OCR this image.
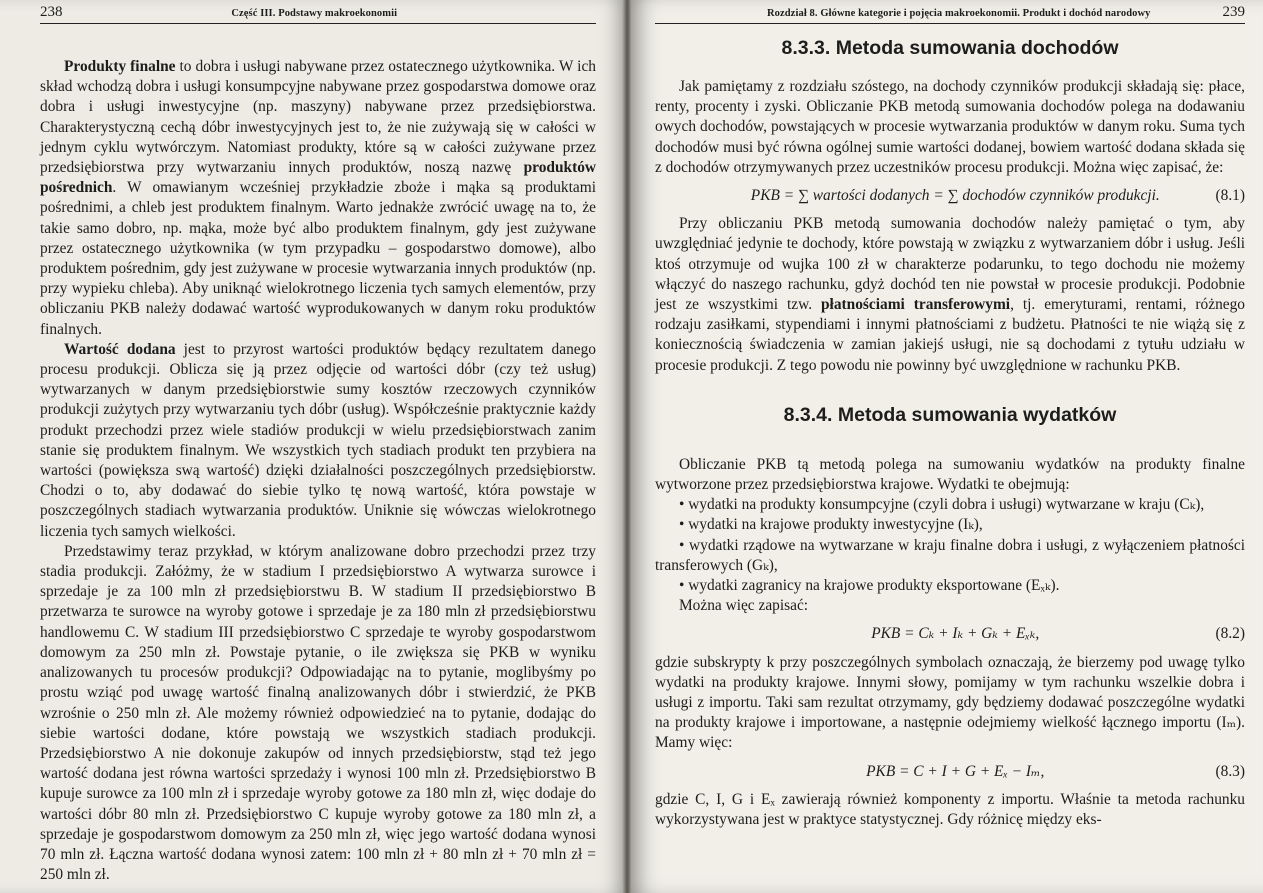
238	Część III. Podstawy makroekonomii

Produkty finalne to dobra i usługi nabywane przez ostatecznego użytkownika. W ich skład wchodzą dobra i usługi konsumpcyjne nabywane przez gospodarstwa domowe oraz dobra i usługi inwestycyjne (np. maszyny) nabywane przez przedsiębiorstwa. Charakterystyczną cechą dóbr inwestycyjnych jest to, że nie zużywają się w całości w jednym cyklu wytwórczym. Natomiast produkty, które są w całości zużywane przez przedsiębiorstwa przy wytwarzaniu innych produktów, noszą nazwę produktów pośrednich. W omawianym wcześniej przykładzie zboże i mąka są produktami pośrednimi, a chleb jest produktem finalnym. Warto jednakże zwrócić uwagę na to, że takie samo dobro, np. mąka, może być albo produktem finalnym, gdy jest zużywane przez ostatecznego użytkownika (w tym przypadku – gospodarstwo domowe), albo produktem pośrednim, gdy jest zużywane w procesie wytwarzania innych produktów (np. przy wypieku chleba). Aby uniknąć wielokrotnego liczenia tych samych elementów, przy obliczaniu PKB należy dodawać wartość wyprodukowanych w danym roku produktów finalnych.

Wartość dodana jest to przyrost wartości produktów będący rezultatem danego procesu produkcji. Oblicza się ją przez odjęcie od wartości dóbr (czy też usług) wytwarzanych w danym przedsiębiorstwie sumy kosztów rzeczowych czynników produkcji zużytych przy wytwarzaniu tych dóbr (usług). Współcześnie praktycznie każdy produkt przechodzi przez wiele stadiów produkcji w wielu przedsiębiorstwach zanim stanie się produktem finalnym. We wszystkich tych stadiach produkt ten przybiera na wartości (powiększa swą wartość) dzięki działalności poszczególnych przedsiębiorstw. Chodzi o to, aby dodawać do siebie tylko tę nową wartość, która powstaje w poszczególnych stadiach wytwarzania produktów. Uniknie się wówczas wielokrotnego liczenia tych samych wielkości.

Przedstawimy teraz przykład, w którym analizowane dobro przechodzi przez trzy stadia produkcji. Załóżmy, że w stadium I przedsiębiorstwo A wytwarza surowce i sprzedaje je za 100 mln zł przedsiębiorstwu B. W stadium II przedsiębiorstwo B przetwarza te surowce na wyroby gotowe i sprzedaje je za 180 mln zł przedsiębiorstwu handlowemu C. W stadium III przedsiębiorstwo C sprzedaje te wyroby gospodarstwom domowym za 250 mln zł. Powstaje pytanie, o ile zwiększa się PKB w wyniku analizowanych tu procesów produkcji? Odpowiadając na to pytanie, moglibyśmy po prostu wziąć pod uwagę wartość finalną analizowanych dóbr i stwierdzić, że PKB wzrośnie o 250 mln zł. Ale możemy również odpowiedzieć na to pytanie, dodając do siebie wartości dodane, które powstają we wszystkich stadiach produkcji. Przedsiębiorstwo A nie dokonuje zakupów od innych przedsiębiorstw, stąd też jego wartość dodana jest równa wartości sprzedaży i wynosi 100 mln zł. Przedsiębiorstwo B kupuje surowce za 100 mln zł i sprzedaje wyroby gotowe za 180 mln zł, więc dodaje do wartości dóbr 80 mln zł. Przedsiębiorstwo C kupuje wyroby gotowe za 180 mln zł, a sprzedaje je gospodarstwom domowym za 250 mln zł, więc jego wartość dodana wynosi 70 mln zł. Łączna wartość dodana wynosi zatem: 100 mln zł + 80 mln zł + 70 mln zł = 250 mln zł.

Rozdział 8. Główne kategorie i pojęcia makroekonomii. Produkt i dochód narodowy	239
8.3.3. Metoda sumowania dochodów

Jak pamiętamy z rozdziału szóstego, na dochody czynników produkcji składają się: płace, renty, procenty i zyski. Obliczanie PKB metodą sumowania dochodów polega na dodawaniu owych dochodów, powstających w procesie wytwarzania produktów w danym roku. Suma tych dochodów musi być równa ogólnej sumie wartości dodanej, bowiem wartość dodana składa się z dochodów otrzymywanych przez uczestników procesu produkcji. Można więc zapisać, że:

PKB = ∑ wartości dodanych = ∑ dochodów czynników produkcji.	(8.1)

Przy obliczaniu PKB metodą sumowania dochodów należy pamiętać o tym, aby uwzględniać jedynie te dochody, które powstają w związku z wytwarzaniem dóbr i usług. Jeśli ktoś otrzymuje od wujka 100 zł w charakterze podarunku, to tego dochodu nie możemy włączyć do naszego rachunku, gdyż dochód ten nie powstał w procesie produkcji. Podobnie jest ze wszystkimi tzw. płatnościami transferowymi, tj. emeryturami, rentami, różnego rodzaju zasiłkami, stypendiami i innymi płatnościami z budżetu. Płatności te nie wiążą się z koniecznością świadczenia w zamian jakiejś usługi, nie są dochodami z tytułu udziału w procesie produkcji. Z tego powodu nie powinny być uwzględnione w rachunku PKB.

8.3.4. Metoda sumowania wydatków

Obliczanie PKB tą metodą polega na sumowaniu wydatków na produkty finalne wytworzone przez przedsiębiorstwa krajowe. Wydatki te obejmują:

• wydatki na produkty konsumpcyjne (czyli dobra i usługi) wytwarzane w kraju (Cₖ),

• wydatki na krajowe produkty inwestycyjne (Iₖ),

• wydatki rządowe na wytwarzane w kraju finalne dobra i usługi, z wyłączeniem płatności transferowych (Gₖ),

• wydatki zagranicy na krajowe produkty eksportowane (Eₓₖ).

Można więc zapisać:

PKB = Cₖ + Iₖ + Gₖ + Eₓₖ,	(8.2)

gdzie subskrypty k przy poszczególnych symbolach oznaczają, że bierzemy pod uwagę tylko wydatki na produkty krajowe. Innymi słowy, pomijamy w tym rachunku wszelkie dobra i usługi z importu. Taki sam rezultat otrzymamy, gdy będziemy dodawać poszczególne wydatki na produkty krajowe i importowane, a następnie odejmiemy wielkość łącznego importu (Iₘ). Mamy więc:

PKB = C + I + G + Eₓ − Iₘ,	(8.3)

gdzie C, I, G i Eₓ zawierają również komponenty z importu. Właśnie ta metoda rachunku wykorzystywana jest w praktyce statystycznej. Gdy różnicę między eks-
